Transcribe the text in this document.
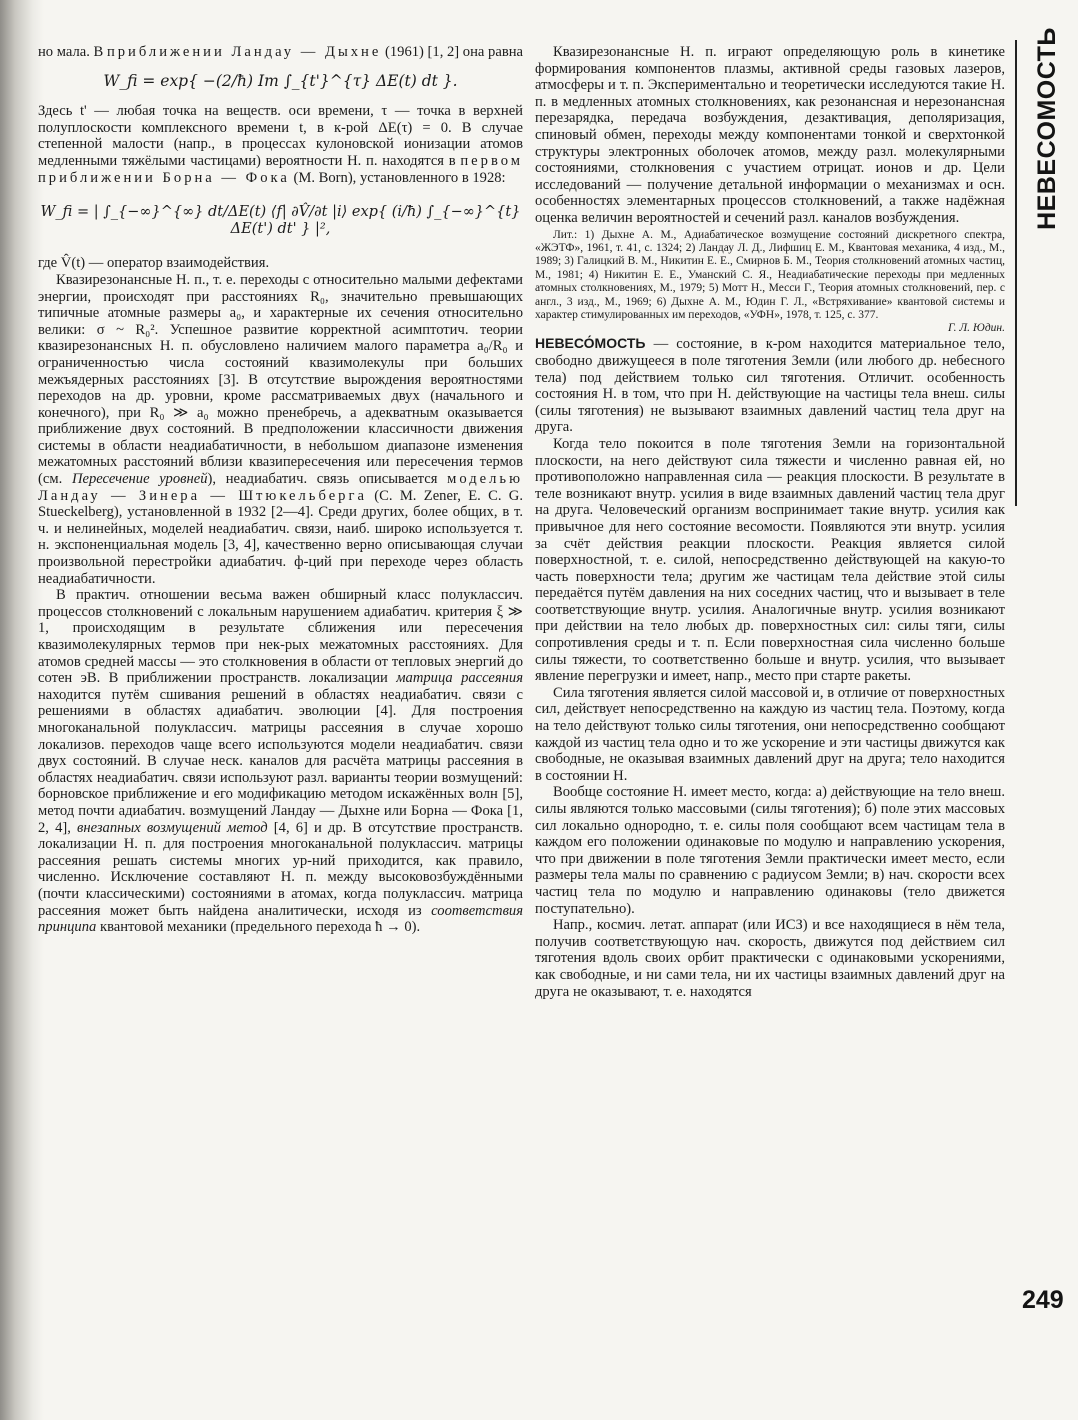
но мала. В приближении Ландау — Дыхне (1961) [1, 2] она равна

W_fi = exp{ −(2/ħ) Im ∫_{t'}^{τ} ΔE(t) dt }.

Здесь t' — любая точка на веществ. оси времени, τ — точка в верхней полуплоскости комплексного времени t, в к-рой ΔE(τ) = 0. В случае степенной малости (напр., в процессах кулоновской ионизации атомов медленными тяжёлыми частицами) вероятности Н. п. находятся в первом приближении Борна — Фока (M. Born), установленного в 1928:

W_fi = | ∫_{−∞}^{∞} dt/ΔE(t) ⟨f| ∂V̂/∂t |i⟩ exp{ (i/ħ) ∫_{−∞}^{t} ΔE(t') dt' } |²,

где V̂(t) — оператор взаимодействия.

Квазирезонансные Н. п., т. е. переходы с относительно малыми дефектами энергии, происходят при расстояниях R₀, значительно превышающих типичные атомные размеры a₀, и характерные их сечения относительно велики: σ ~ R₀². Успешное развитие корректной асимптотич. теории квазирезонансных Н. п. обусловлено наличием малого параметра a₀/R₀ и ограниченностью числа состояний квазимолекулы при больших межъядерных расстояниях [3]. В отсутствие вырождения вероятностями переходов на др. уровни, кроме рассматриваемых двух (начального и конечного), при R₀ ≫ a₀ можно пренебречь, а адекватным оказывается приближение двух состояний. В предположении классичности движения системы в области неадиабатичности, в небольшом диапазоне изменения межатомных расстояний вблизи квазипересечения или пересечения термов (см. Пересечение уровней), неадиабатич. связь описывается моделью Ландау — Зинера — Штюкельберга (C. M. Zener, E. C. G. Stueckelberg), установленной в 1932 [2—4]. Среди других, более общих, в т. ч. и нелинейных, моделей неадиабатич. связи, наиб. широко используется т. н. экспоненциальная модель [3, 4], качественно верно описывающая случаи произвольной перестройки адиабатич. ф-ций при переходе через область неадиабатичности.

В практич. отношении весьма важен обширный класс полуклассич. процессов столкновений с локальным нарушением адиабатич. критерия ξ ≫ 1, происходящим в результате сближения или пересечения квазимолекулярных термов при нек-рых межатомных расстояниях. Для атомов средней массы — это столкновения в области от тепловых энергий до сотен эВ. В приближении пространств. локализации матрица рассеяния находится путём сшивания решений в областях неадиабатич. связи с решениями в областях адиабатич. эволюции [4]. Для построения многоканальной полуклассич. матрицы рассеяния в случае хорошо локализов. переходов чаще всего используются модели неадиабатич. связи двух состояний. В случае неск. каналов для расчёта матрицы рассеяния в областях неадиабатич. связи используют разл. варианты теории возмущений: борновское приближение и его модификацию методом искажённых волн [5], метод почти адиабатич. возмущений Ландау — Дыхне или Борна — Фока [1, 2, 4], внезапных возмущений метод [4, 6] и др. В отсутствие пространств. локализации Н. п. для построения многоканальной полуклассич. матрицы рассеяния решать системы многих ур-ний приходится, как правило, численно. Исключение составляют Н. п. между высоковозбуждёнными (почти классическими) состояниями в атомах, когда полуклассич. матрица рассеяния может быть найдена аналитически, исходя из соответствия принципа квантовой механики (предельного перехода ħ → 0).

Квазирезонансные Н. п. играют определяющую роль в кинетике формирования компонентов плазмы, активной среды газовых лазеров, атмосферы и т. п. Экспериментально и теоретически исследуются такие Н. п. в медленных атомных столкновениях, как резонансная и нерезонансная перезарядка, передача возбуждения, дезактивация, деполяризация, спиновый обмен, переходы между компонентами тонкой и сверхтонкой структуры электронных оболочек атомов, между разл. молекулярными состояниями, столкновения с участием отрицат. ионов и др. Цели исследований — получение детальной информации о механизмах и осн. особенностях элементарных процессов столкновений, а также надёжная оценка величин вероятностей и сечений разл. каналов возбуждения.

Лит.: 1) Дыхне А. М., Адиабатическое возмущение состояний дискретного спектра, «ЖЭТФ», 1961, т. 41, с. 1324; 2) Ландау Л. Д., Лифшиц Е. М., Квантовая механика, 4 изд., М., 1989; 3) Галицкий В. М., Никитин Е. Е., Смирнов Б. М., Теория столкновений атомных частиц, М., 1981; 4) Никитин Е. Е., Уманский С. Я., Неадиабатические переходы при медленных атомных столкновениях, М., 1979; 5) Мотт Н., Месси Г., Теория атомных столкновений, пер. с англ., 3 изд., М., 1969; 6) Дыхне А. М., Юдин Г. Л., «Встряхивание» квантовой системы и характер стимулированных им переходов, «УФН», 1978, т. 125, с. 377.

Г. Л. Юдин.

НЕВЕСО́МОСТЬ — состояние, в к-ром находится материальное тело, свободно движущееся в поле тяготения Земли (или любого др. небесного тела) под действием только сил тяготения. Отличит. особенность состояния Н. в том, что при Н. действующие на частицы тела внеш. силы (силы тяготения) не вызывают взаимных давлений частиц тела друг на друга.

Когда тело покоится в поле тяготения Земли на горизонтальной плоскости, на него действуют сила тяжести и численно равная ей, но противоположно направленная сила — реакция плоскости. В результате в теле возникают внутр. усилия в виде взаимных давлений частиц тела друг на друга. Человеческий организм воспринимает такие внутр. усилия как привычное для него состояние весомости. Появляются эти внутр. усилия за счёт действия реакции плоскости. Реакция является силой поверхностной, т. е. силой, непосредственно действующей на какую-то часть поверхности тела; другим же частицам тела действие этой силы передаётся путём давления на них соседних частиц, что и вызывает в теле соответствующие внутр. усилия. Аналогичные внутр. усилия возникают при действии на тело любых др. поверхностных сил: силы тяги, силы сопротивления среды и т. п. Если поверхностная сила численно больше силы тяжести, то соответственно больше и внутр. усилия, что вызывает явление перегрузки и имеет, напр., место при старте ракеты.

Сила тяготения является силой массовой и, в отличие от поверхностных сил, действует непосредственно на каждую из частиц тела. Поэтому, когда на тело действуют только силы тяготения, они непосредственно сообщают каждой из частиц тела одно и то же ускорение и эти частицы движутся как свободные, не оказывая взаимных давлений друг на друга; тело находится в состоянии Н.

Вообще состояние Н. имеет место, когда: а) действующие на тело внеш. силы являются только массовыми (силы тяготения); б) поле этих массовых сил локально однородно, т. е. силы поля сообщают всем частицам тела в каждом его положении одинаковые по модулю и направлению ускорения, что при движении в поле тяготения Земли практически имеет место, если размеры тела малы по сравнению с радиусом Земли; в) нач. скорости всех частиц тела по модулю и направлению одинаковы (тело движется поступательно).

Напр., космич. летат. аппарат (или ИСЗ) и все находящиеся в нём тела, получив соответствующую нач. скорость, движутся под действием сил тяготения вдоль своих орбит практически с одинаковыми ускорениями, как свободные, и ни сами тела, ни их частицы взаимных давлений друг на друга не оказывают, т. е. находятся

НЕВЕСОМОСТЬ
249
